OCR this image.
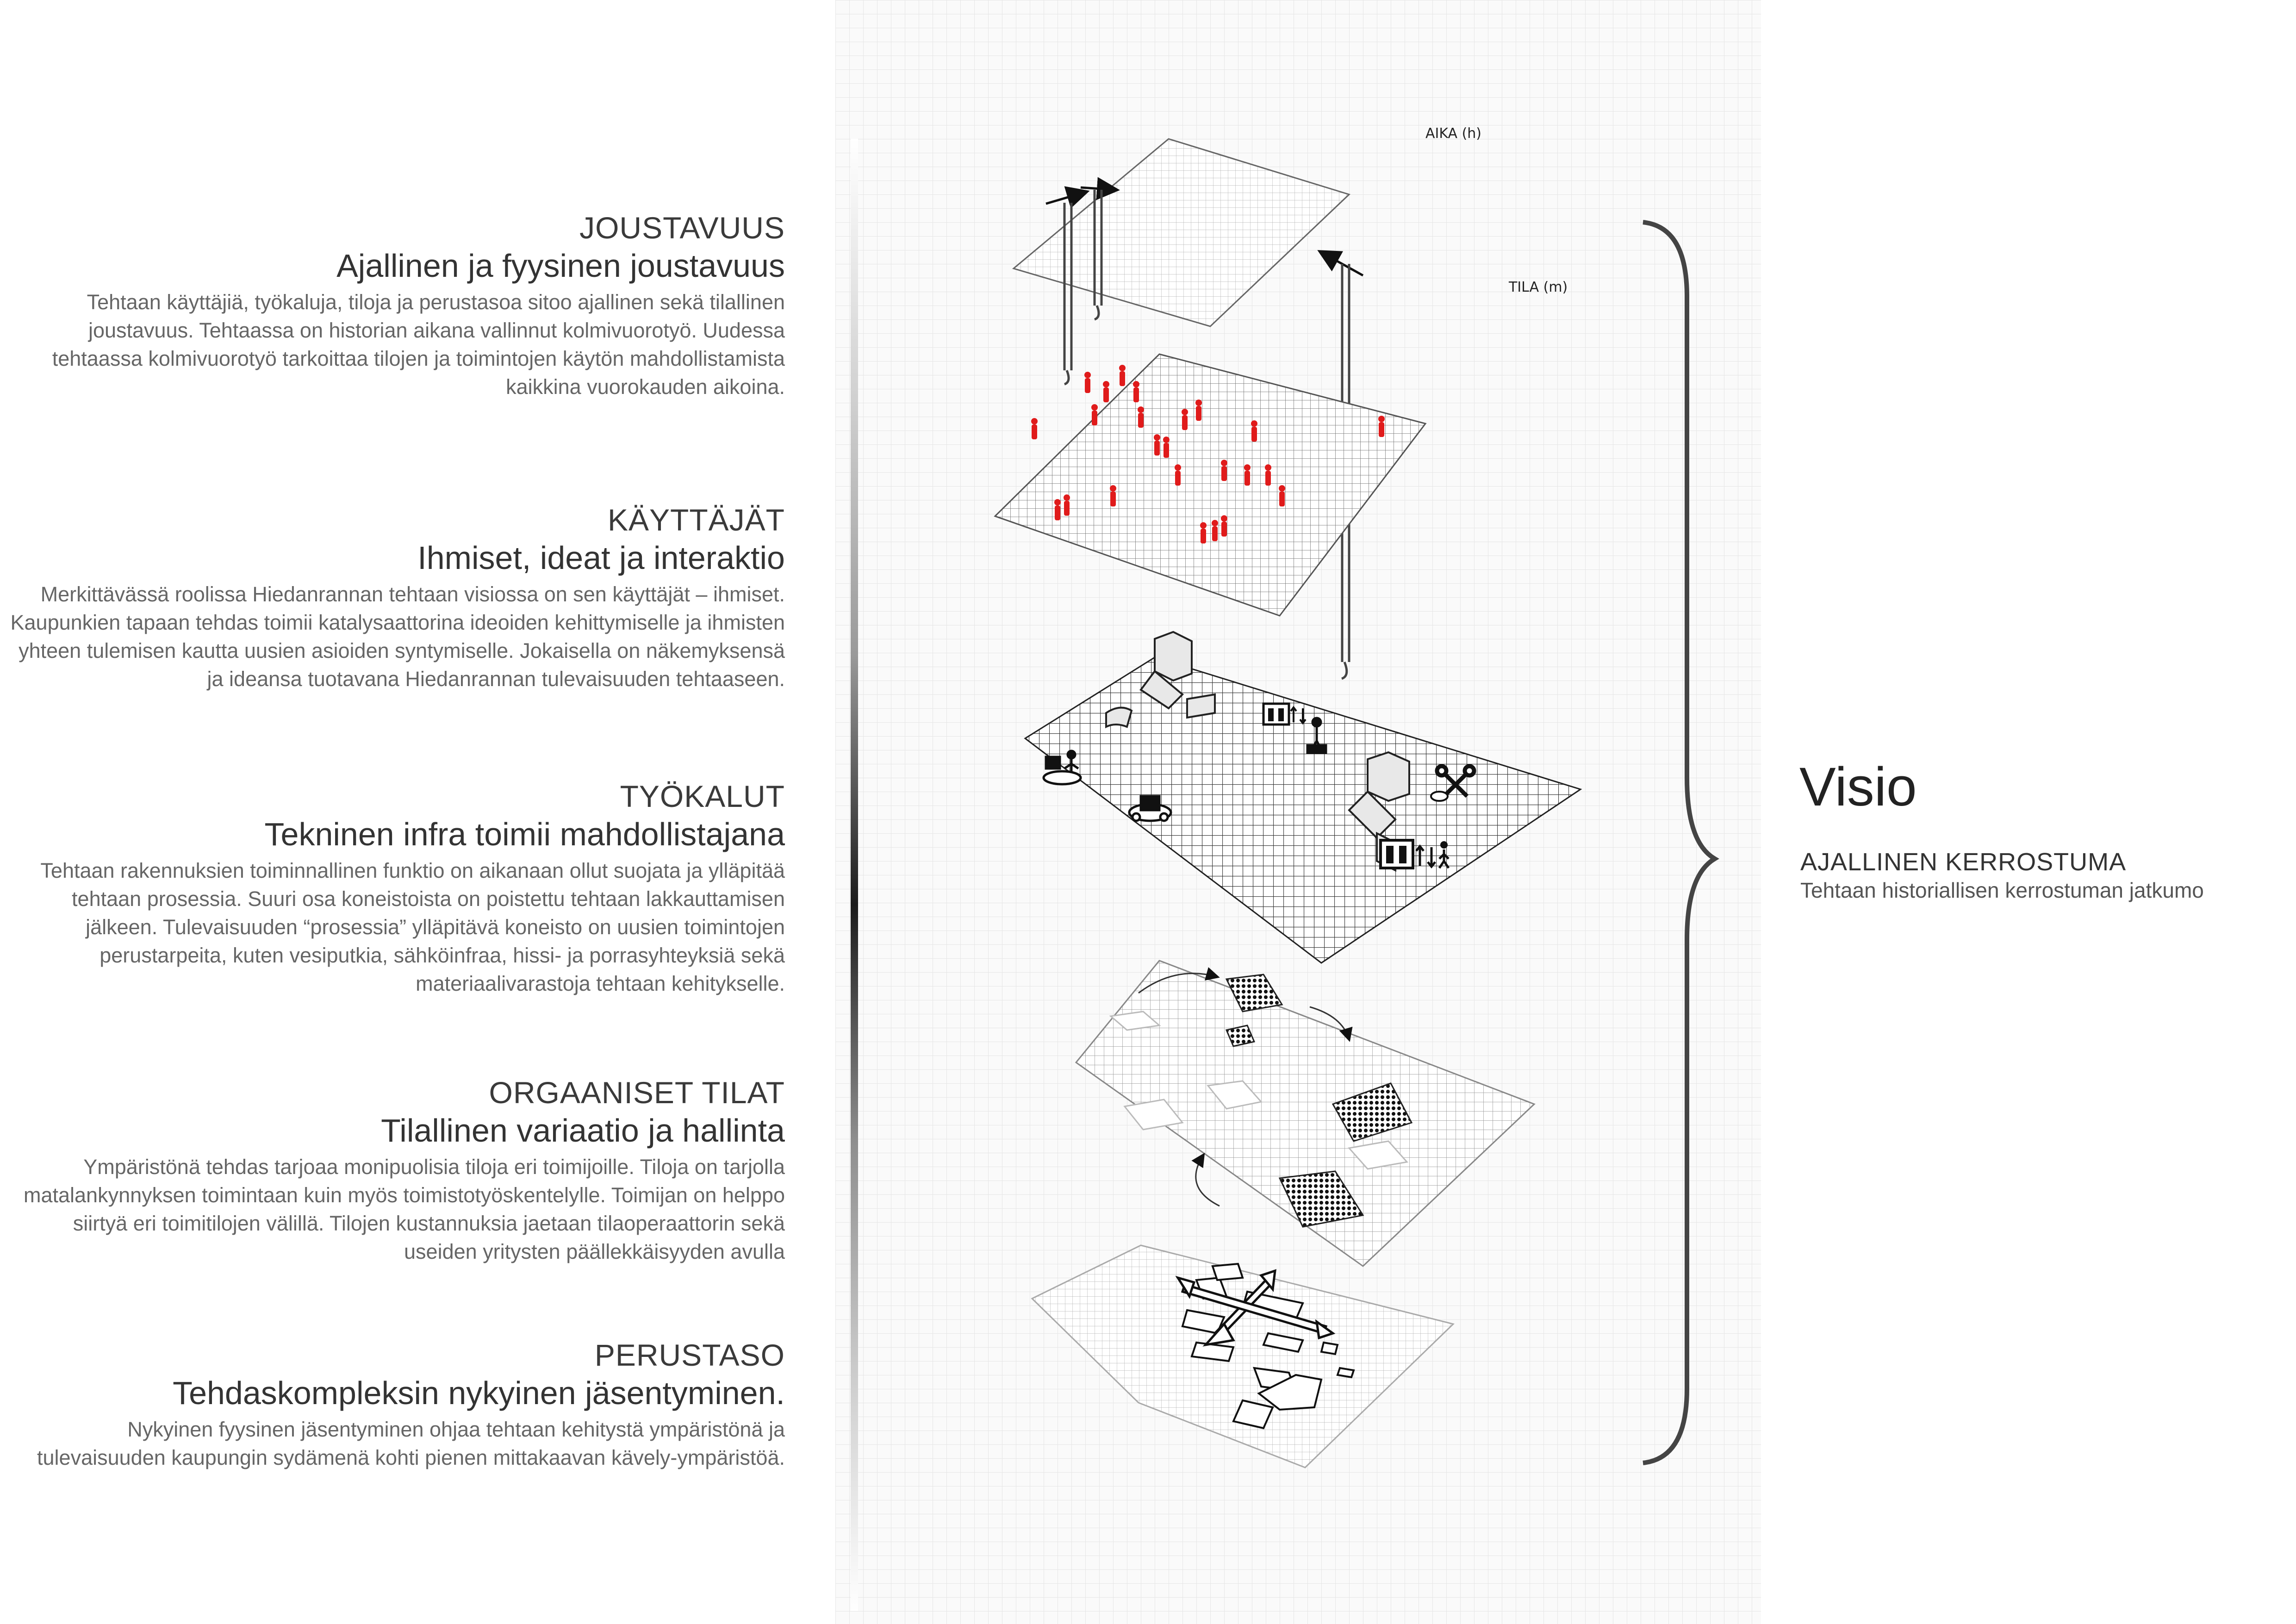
JOUSTAVUUS
Ajallinen ja fyysinen joustavuus
Tehtaan käyttäjiä, työkaluja, tiloja ja perustasoa sitoo ajallinen sekä tilallinen joustavuus. Tehtaassa on historian aikana vallinnut kolmivuorotyö. Uudessa tehtaassa kolmivuorotyö tarkoittaa tilojen ja toimintojen käytön mahdollistamista kaikkina vuorokauden aikoina.
KÄYTTÄJÄT
Ihmiset, ideat ja interaktio
Merkittävässä roolissa Hiedanrannan tehtaan visiossa on sen käyttäjät – ihmiset. Kaupunkien tapaan tehdas toimii katalysaattorina ideoiden kehittymiselle ja ihmisten yhteen tulemisen kautta uusien asioiden syntymiselle. Jokaisella on näkemyksensä ja ideansa tuotavana Hiedanrannan tulevaisuuden tehtaaseen.
TYÖKALUT
Tekninen infra toimii mahdollistajana
Tehtaan rakennuksien toiminnallinen funktio on aikanaan ollut suojata ja ylläpitää tehtaan prosessia. Suuri osa koneistoista on poistettu tehtaan lakkauttamisen jälkeen. Tulevaisuuden “prosessia” ylläpitävä koneisto on uusien toimintojen perustarpeita, kuten vesiputkia, sähköinfraa, hissi- ja porrasyhteyksiä sekä materiaalivarastoja tehtaan kehitykselle.
ORGAANISET TILAT
Tilallinen variaatio ja hallinta
Ympäristönä tehdas tarjoaa monipuolisia tiloja eri toimijoille. Tiloja on tarjolla matalankynnyksen toimintaan kuin myös toimistotyöskentelylle. Toimijan on helppo siirtyä eri toimitilojen välillä. Tilojen kustannuksia jaetaan tilaoperaattorin sekä useiden yritysten päällekkäisyyden avulla
PERUSTASO
Tehdaskompleksin nykyinen jäsentyminen.
Nykyinen fyysinen jäsentyminen ohjaa tehtaan kehitystä ympäristönä ja tulevaisuuden kaupungin sydämenä kohti pienen mittakaavan kävely-ympäristöä.
AIKA (h)
TILA (m)
Visio
AJALLINEN KERROSTUMA
Tehtaan historiallisen kerrostuman jatkumo
